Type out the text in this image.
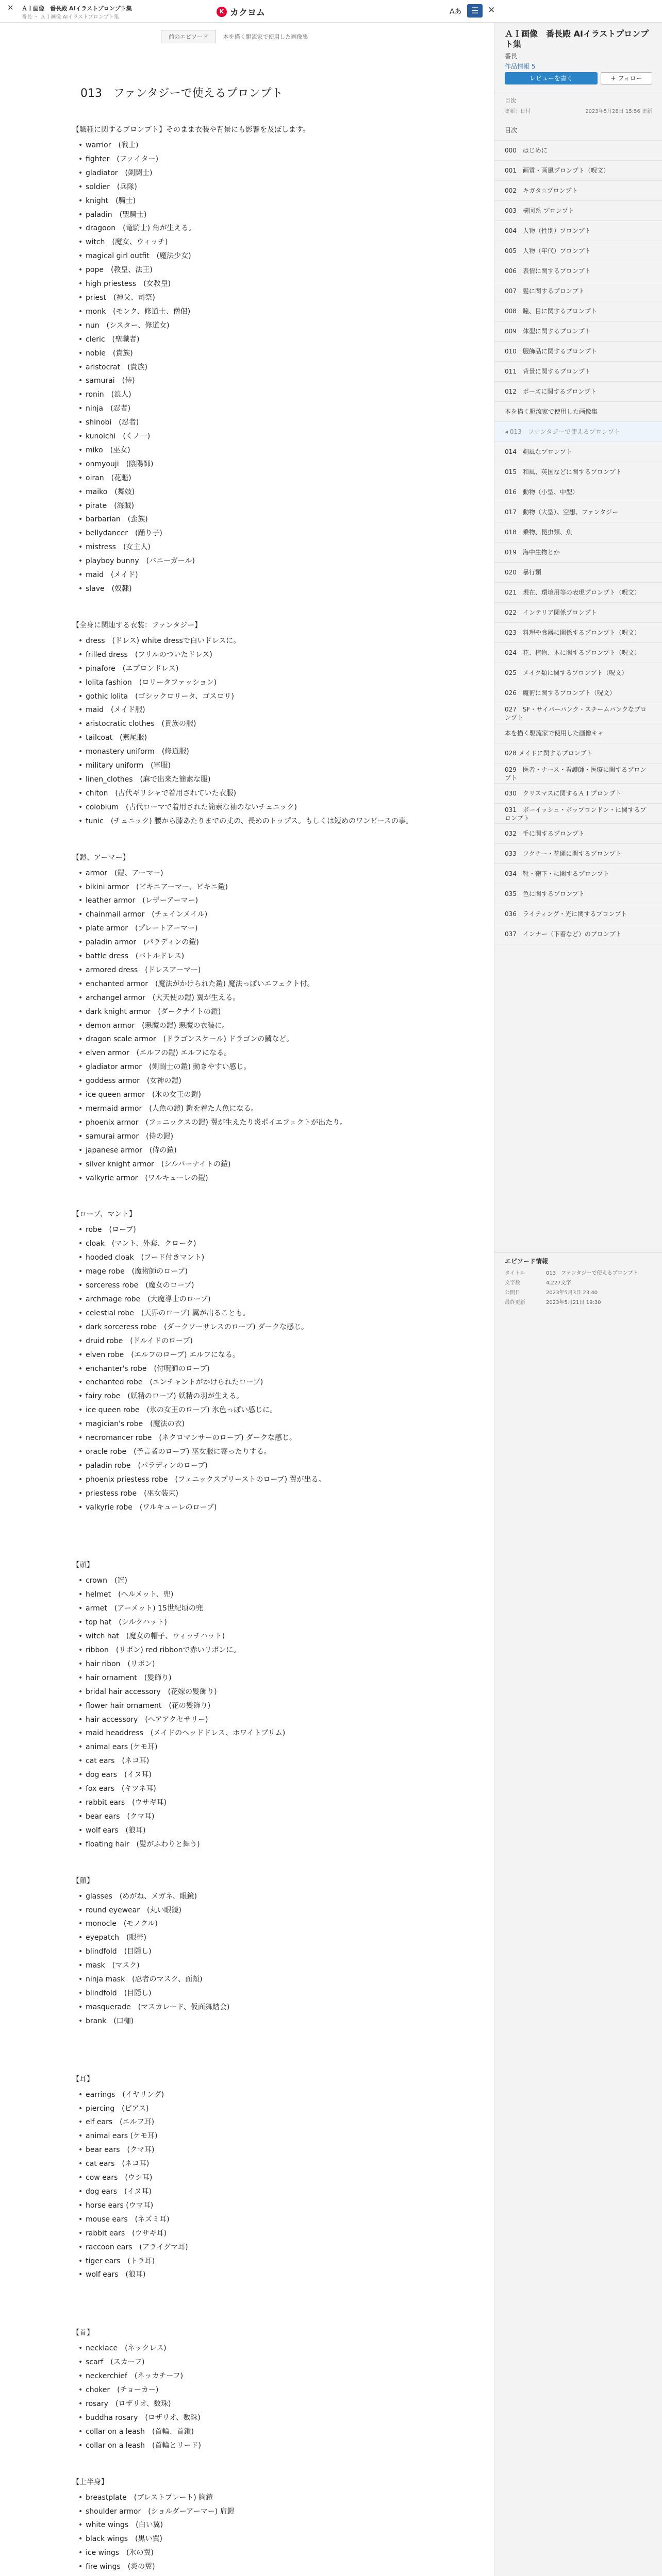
✕ ＡＩ画像　番長殿 AIイラストプロンプト集
番長 ・ ＡＩ画像 AIイラストプロンプト集
K カクヨム	Aあ	☰	✕
前のエピソード	本を描く駆流家で使用した画像集
013　ファンタジーで使えるプロンプト
【職種に関するプロンプト】そのまま衣装や背景にも影響を及ぼします。
• warrior　(戦士)
• fighter　(ファイター)
• gladiator　(剣闘士)
• soldier　(兵隊)
• knight　(騎士)
• paladin　(聖騎士)
• dragoon　(竜騎士) 角が生える。
• witch　(魔女、ウィッチ)
• magical girl outfit　(魔法少女)
• pope　(教皇、法王)
• high priestess　(女教皇)
• priest　(神父、司祭)
• monk　(モンク、修道士、僧侶)
• nun　(シスター、修道女)
• cleric　(聖職者)
• noble　(貴族)
• aristocrat　(貴族)
• samurai　(侍)
• ronin　(浪人)
• ninja　(忍者)
• shinobi　(忍者)
• kunoichi　(くノ一)
• miko　(巫女)
• onmyouji　(陰陽師)
• oiran　(花魁)
• maiko　(舞妓)
• pirate　(海賊)
• barbarian　(蛮族)
• bellydancer　(踊り子)
• mistress　(女主人)
• playboy bunny　(バニーガール)
• maid　(メイド)
• slave　(奴隷)
【全身に関連する衣装：ファンタジー】
• dress　(ドレス) white dressで白いドレスに。
• frilled dress　(フリルのついたドレス)
• pinafore　(エプロンドレス)
• lolita fashion　(ロリータファッション)
• gothic lolita　(ゴシックロリータ、ゴスロリ)
• maid　(メイド服)
• aristocratic clothes　(貴族の服)
• tailcoat　(燕尾服)
• monastery uniform　(修道服)
• military uniform　(軍服)
• linen_clothes　(麻で出来た簡素な服)
• chiton　(古代ギリシャで着用されていた衣服)
• colobium　(古代ローマで着用された簡素な袖のないチュニック)
• tunic　(チュニック) 腰から膝あたりまでの丈の、長めのトップス。もしくは短めのワンピースの事。
【鎧、アーマー】
• armor　(鎧、アーマー)
• bikini armor　(ビキニアーマー、ビキニ鎧)
• leather armor　(レザーアーマー)
• chainmail armor　(チェインメイル)
• plate armor　(プレートアーマー)
• paladin armor　(パラディンの鎧)
• battle dress　(バトルドレス)
• armored dress　(ドレスアーマー)
• enchanted armor　(魔法がかけられた鎧) 魔法っぽいエフェクト付。
• archangel armor　(大天使の鎧) 翼が生える。
• dark knight armor　(ダークナイトの鎧)
• demon armor　(悪魔の鎧) 悪魔の衣装に。
• dragon scale armor　(ドラゴンスケール) ドラゴンの鱗など。
• elven armor　(エルフの鎧) エルフになる。
• gladiator armor　(剣闘士の鎧) 動きやすい感じ。
• goddess armor　(女神の鎧)
• ice queen armor　(氷の女王の鎧)
• mermaid armor　(人魚の鎧) 鎧を着た人魚になる。
• phoenix armor　(フェニックスの鎧) 翼が生えたり炎ポイエフェクトが出たり。
• samurai armor　(侍の鎧)
• japanese armor　(侍の鎧)
• silver knight armor　(シルバーナイトの鎧)
• valkyrie armor　(ワルキューレの鎧)
【ローブ、マント】
• robe　(ローブ)
• cloak　(マント、外套、クローク)
• hooded cloak　(フード付きマント)
• mage robe　(魔術師のローブ)
• sorceress robe　(魔女のローブ)
• archmage robe　(大魔導士のローブ)
• celestial robe　(天界のローブ) 翼が出ることも。
• dark sorceress robe　(ダークソーサレスのローブ) ダークな感じ。
• druid robe　(ドルイドのローブ)
• elven robe　(エルフのローブ) エルフになる。
• enchanter's robe　(付呪師のローブ)
• enchanted robe　(エンチャントがかけられたローブ)
• fairy robe　(妖精のローブ) 妖精の羽が生える。
• ice queen robe　(氷の女王のローブ) 氷色っぽい感じに。
• magician's robe　(魔法の衣)
• necromancer robe　(ネクロマンサーのローブ) ダークな感じ。
• oracle robe　(予言者のローブ) 巫女服に寄ったりする。
• paladin robe　(パラディンのローブ)
• phoenix priestess robe　(フェニックスプリーストのローブ) 翼が出る。
• priestess robe　(巫女装束)
• valkyrie robe　(ワルキューレのローブ)
【頭】
• crown　(冠)
• helmet　(ヘルメット、兜)
• armet　(アーメット) 15世紀頃の兜
• top hat　(シルクハット)
• witch hat　(魔女の帽子、ウィッチハット)
• ribbon　(リボン) red ribbonで赤いリボンに。
• hair ribon　(リボン)
• hair ornament　(髪飾り)
• bridal hair accessory　(花嫁の髪飾り)
• flower hair ornament　(花の髪飾り)
• hair accessory　(ヘアアクセサリー)
• maid headdress　(メイドのヘッドドレス、ホワイトブリム)
• animal ears (ケモ耳)
• cat ears　(ネコ耳)
• dog ears　(イヌ耳)
• fox ears　(キツネ耳)
• rabbit ears　(ウサギ耳)
• bear ears　(クマ耳)
• wolf ears　(狼耳)
• floating hair　(髪がふわりと舞う)
【顔】
• glasses　(めがね、メガネ、眼鏡)
• round eyewear　(丸い眼鏡)
• monocle　(モノクル)
• eyepatch　(眼帯)
• blindfold　(目隠し)
• mask　(マスク)
• ninja mask　(忍者のマスク、面頬)
• blindfold　(目隠し)
• masquerade　(マスカレード、仮面舞踏会)
• brank　(口枷)
【耳】
• earrings　(イヤリング)
• piercing　(ピアス)
• elf ears　(エルフ耳)
• animal ears (ケモ耳)
• bear ears　(クマ耳)
• cat ears　(ネコ耳)
• cow ears　(ウシ耳)
• dog ears　(イヌ耳)
• horse ears (ウマ耳)
• mouse ears　(ネズミ耳)
• rabbit ears　(ウサギ耳)
• raccoon ears　(アライグマ耳)
• tiger ears　(トラ耳)
• wolf ears　(狼耳)
【首】
• necklace　(ネックレス)
• scarf　(スカーフ)
• neckerchief　(ネッカチーフ)
• choker　(チョーカー)
• rosary　(ロザリオ、数珠)
• buddha rosary　(ロザリオ、数珠)
• collar on a leash　(首輪、首鎖)
• collar on a leash　(首輪とリード)
【上半身】
• breastplate　(ブレストプレート) 胸鎧
• shoulder armor　(ショルダーアーマー) 肩鎧
• white wings　(白い翼)
• black wings　(黒い翼)
• ice wings　(氷の翼)
• fire wings　(炎の翼)
•
ＡＩ画像　番長殿 AIイラストプロンプト集
番長
作品情報 5
レビューを書く	+ フォロー
目次
更新：日付	2023年5月28日 15:56 更新
目次
000　はじめに
001　画質・画風プロンプト（呪文）
002　キガタ☆プロンプト
003　構図系 プロンプト
004　人物（性別）プロンプト
005　人物（年代）プロンプト
006　表情に関するプロンプト
007　髪に関するプロンプト
008　瞳、目に関するプロンプト
009　体型に関するプロンプト
010　服飾品に関するプロンプト
011　背景に関するプロンプト
012　ポーズに関するプロンプト
本を描く駆流家で使用した画像集
◂ 013　ファンタジーで使えるプロンプト
014　剣風なプロンプト
015　和風、英国などに関するプロンプト
016　動物（小型、中型）
017　動物（大型）、空想、ファンタジー
018　乗物、昆虫類、魚
019　海中生物とか
020　暴行類
021　現在、環境用等の表現プロンプト（呪文）
022　インテリア関係プロンプト
023　料理や食器に関係するプロンプト（呪文）
024　花、植物、木に関するプロンプト（呪文）
025　メイク類に関するプロンプト（呪文）
026　魔術に関するプロンプト（呪文）
027　SF・サイバーパンク・スチームパンクなプロンプト
本を描く駆流家で使用した画像キャ
028 メイドに関するプロンプト
029　医者・ナース・看護師・医療に関するプロンプト
030　クリスマスに関するＡＩプロンプト
031　ボーイッシュ・ポップロンドン・に関するプロンプト
032　手に関するプロンプト
033　フクナー・花関に関するプロンプト
034　靴・鞄下・に関するプロンプト
035　色に関するプロンプト
036　ライティング・光に関するプロンプト
037　インナー（下着など）のプロンプト
エピソード情報
タイトル	013　ファンタジーで使えるプロンプト
文字数	4,227文字
公開日	2023年5月3日 23:40
最終更新	2023年5月21日 19:30
